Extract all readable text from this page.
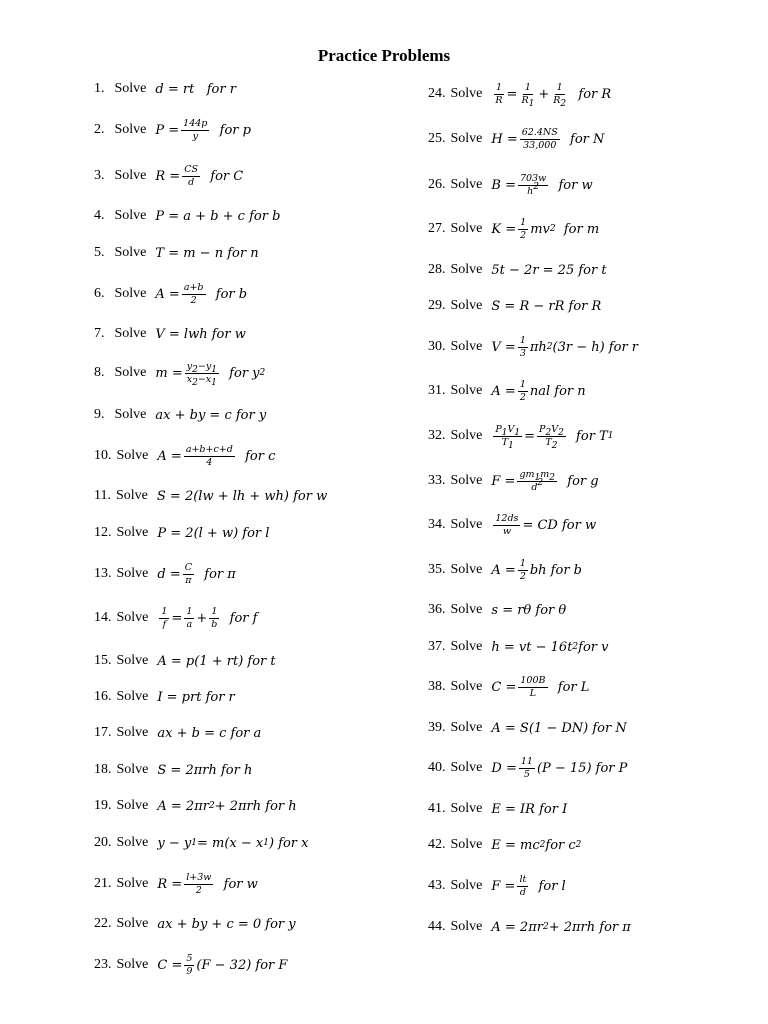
Practice Problems
1. Solve d = rt   for r
2. Solve $P = \frac{144p}{y}$ for p
3. Solve $R = \frac{CS}{d}$ for C
4. Solve P = a + b + c for b
5. Solve T = m − n for n
6. Solve $A = \frac{a+b}{2}$ for b
7. Solve V = lwh for w
8. Solve $m = \frac{y_2-y_1}{x_2-x_1}$ for y 2
9. Solve ax + by = c for y
10. Solve $A = \frac{a+b+c+d}{4}$ for c
11. Solve S = 2(lw + lh + wh) for w
12. Solve P = 2(l + w) for l
13. Solve $d = \frac{C}{\pi}$ for π
14. Solve $\frac{1}{f} = \frac{1}{a} + \frac{1}{b}$ for f
15. Solve A = p(1 + rt) for t
16. Solve I = prt for r
17. Solve ax + b = c for a
18. Solve S = 2πrh for h
19. Solve A = 2πr 2 + 2πrh for h
20. Solve y − y 1 = m(x − x 1 ) for x
21. Solve $R = \frac{l+3w}{2}$ for w
22. Solve ax + by + c = 0 for y
23. Solve $C = \frac{5}{9} (F - 32)$ for F
24. Solve $\frac{1}{R} = \frac{1}{R_1} + \frac{1}{R_2}$ for R
25. Solve $H = \frac{62.4NS}{33,000}$ for N
26. Solve $B = \frac{703w}{h^2}$ for w
27. Solve $K = \frac{1}{2}$ mv 2 for m
28. Solve 5t − 2r = 25 for t
29. Solve S = R − rR for R
30. Solve $V = \frac{1}{3}$ πh 2 (3r − h) for r
31. Solve $A = \frac{1}{2}$ nal for n
32. Solve $\frac{P_1V_1}{T_1} = \frac{P_2V_2}{T_2}$ for T 1
33. Solve $F = \frac{gm_1m_2}{d^2}$ for g
34. Solve $\frac{12ds}{w}$ = CD for w
35. Solve $A = \frac{1}{2}$ bh for b
36. Solve s = rθ for θ
37. Solve h = vt − 16t 2 for v
38. Solve $C = \frac{100B}{L}$ for L
39. Solve A = S(1 − DN) for N
40. Solve $D = \frac{11}{5} (P - 15)$ for P
41. Solve E = IR for I
42. Solve E = mc 2 for c 2
43. Solve $F = \frac{lt}{d}$ for l
44. Solve A = 2πr 2 + 2πrh for π
